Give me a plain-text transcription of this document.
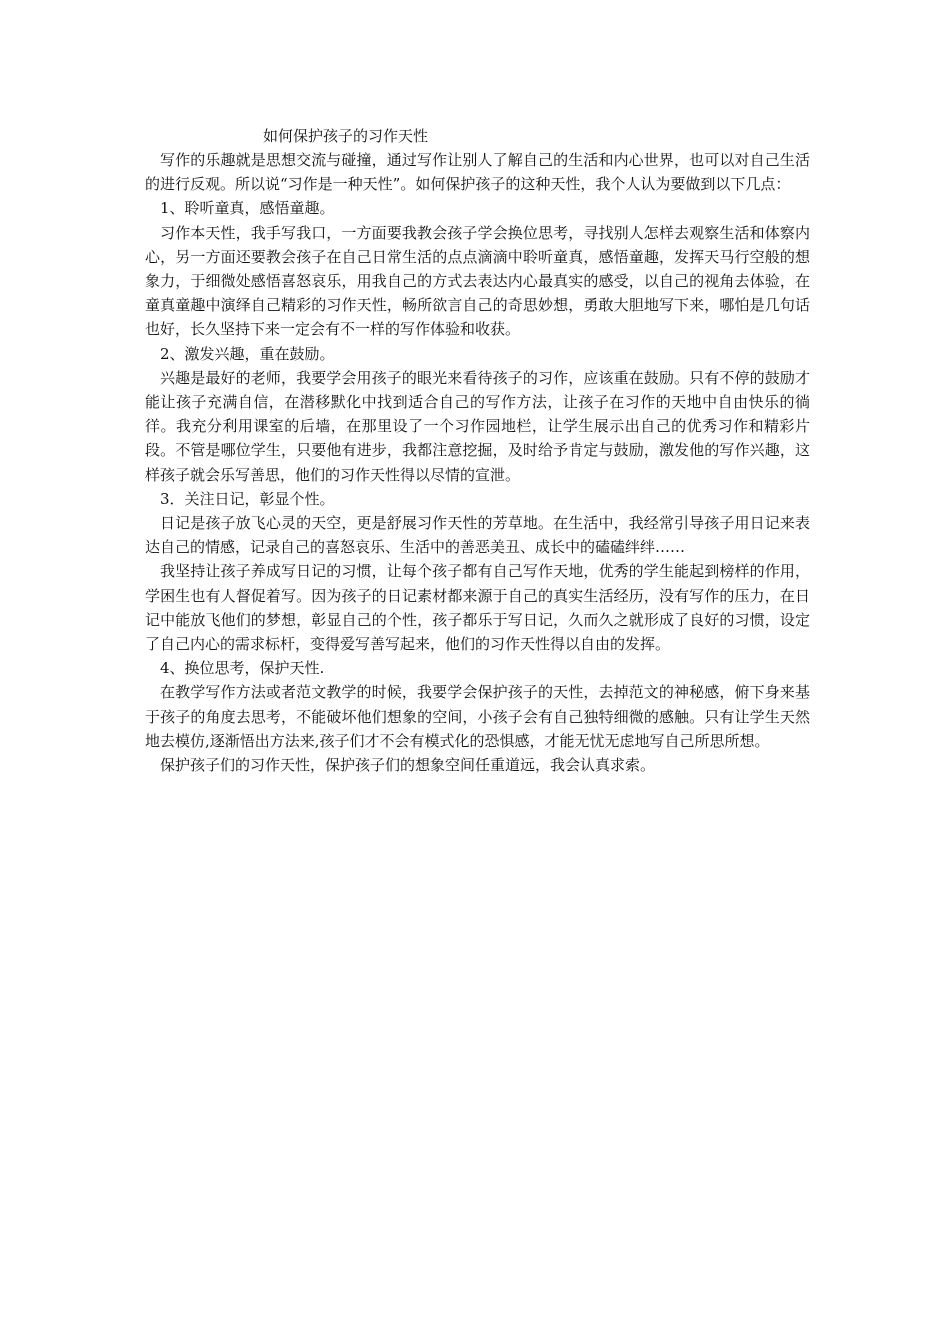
如何保护孩子的习作天性

写作的乐趣就是思想交流与碰撞，通过写作让别人了解自己的生活和内心世界，也可以对自己生活的进行反观。所以说“习作是一种天性”。如何保护孩子的这种天性，我个人认为要做到以下几点：

1、聆听童真，感悟童趣。

习作本天性，我手写我口，一方面要我教会孩子学会换位思考，寻找别人怎样去观察生活和体察内心，另一方面还要教会孩子在自己日常生活的点点滴滴中聆听童真，感悟童趣，发挥天马行空般的想象力，于细微处感悟喜怒哀乐，用我自己的方式去表达内心最真实的感受，以自己的视角去体验，在童真童趣中演绎自己精彩的习作天性，畅所欲言自己的奇思妙想，勇敢大胆地写下来，哪怕是几句话也好，长久坚持下来一定会有不一样的写作体验和收获。

2、激发兴趣，重在鼓励。

兴趣是最好的老师，我要学会用孩子的眼光来看待孩子的习作，应该重在鼓励。只有不停的鼓励才能让孩子充满自信，在潜移默化中找到适合自己的写作方法，让孩子在习作的天地中自由快乐的徜徉。我充分利用课室的后墙，在那里设了一个习作园地栏，让学生展示出自己的优秀习作和精彩片段。不管是哪位学生，只要他有进步，我都注意挖掘，及时给予肯定与鼓励，激发他的写作兴趣，这样孩子就会乐写善思，他们的习作天性得以尽情的宣泄。

3．关注日记，彰显个性。

日记是孩子放飞心灵的天空，更是舒展习作天性的芳草地。在生活中，我经常引导孩子用日记来表达自己的情感，记录自己的喜怒哀乐、生活中的善恶美丑、成长中的磕磕绊绊……

我坚持让孩子养成写日记的习惯，让每个孩子都有自己写作天地，优秀的学生能起到榜样的作用，学困生也有人督促着写。因为孩子的日记素材都来源于自己的真实生活经历，没有写作的压力，在日记中能放飞他们的梦想，彰显自己的个性，孩子都乐于写日记，久而久之就形成了良好的习惯，设定了自己内心的需求标杆，变得爱写善写起来，他们的习作天性得以自由的发挥。

4、换位思考，保护天性.

在教学写作方法或者范文教学的时候，我要学会保护孩子的天性，去掉范文的神秘感，俯下身来基于孩子的角度去思考，不能破坏他们想象的空间，小孩子会有自己独特细微的感触。只有让学生天然地去模仿,逐渐悟出方法来,孩子们才不会有模式化的恐惧感，才能无忧无虑地写自己所思所想。

保护孩子们的习作天性，保护孩子们的想象空间任重道远，我会认真求索。
